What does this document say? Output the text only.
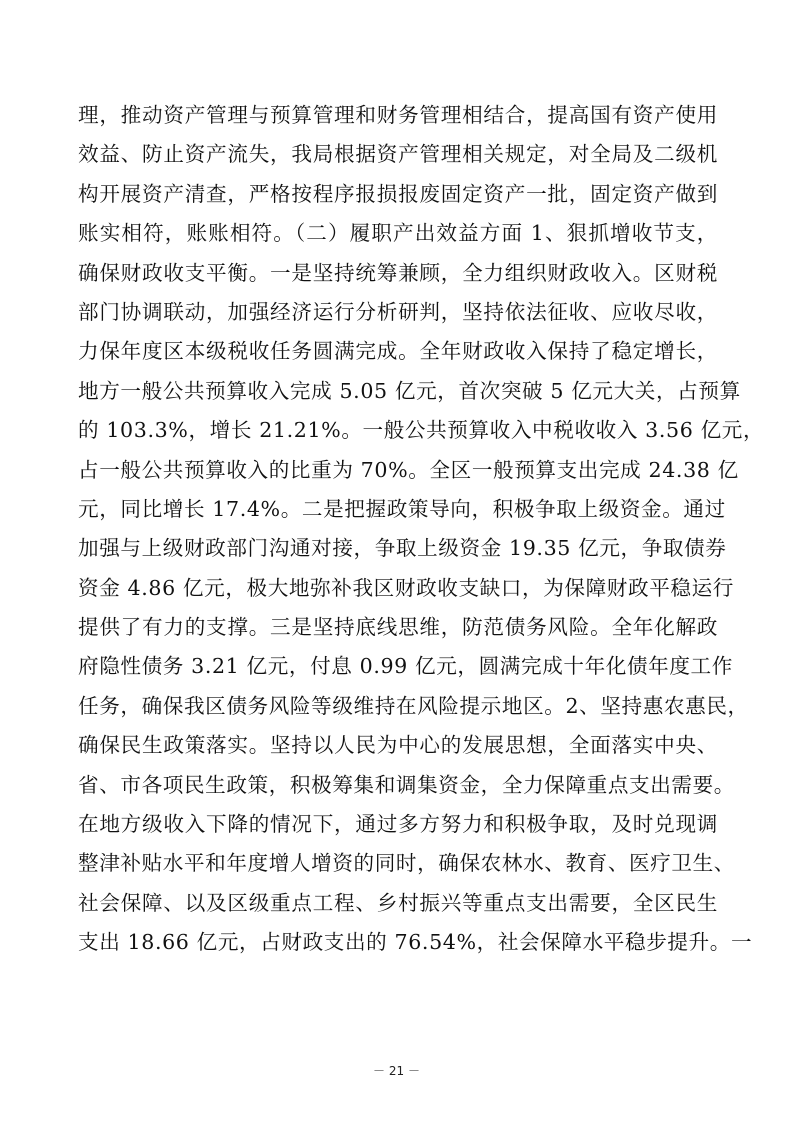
理，推动资产管理与预算管理和财务管理相结合，提高国有资产使用
效益、防止资产流失，我局根据资产管理相关规定，对全局及二级机
构开展资产清查，严格按程序报损报废固定资产一批，固定资产做到
账实相符，账账相符。（二）履职产出效益方面 1、狠抓增收节支，
确保财政收支平衡。一是坚持统筹兼顾，全力组织财政收入。区财税
部门协调联动，加强经济运行分析研判，坚持依法征收、应收尽收，
力保年度区本级税收任务圆满完成。全年财政收入保持了稳定增长，
地方一般公共预算收入完成 5.05 亿元，首次突破 5 亿元大关，占预算
的 103.3%，增长 21.21%。一般公共预算收入中税收收入 3.56 亿元，
占一般公共预算收入的比重为 70%。全区一般预算支出完成 24.38 亿
元，同比增长 17.4%。二是把握政策导向，积极争取上级资金。通过
加强与上级财政部门沟通对接，争取上级资金 19.35 亿元，争取债券
资金 4.86 亿元，极大地弥补我区财政收支缺口，为保障财政平稳运行
提供了有力的支撑。三是坚持底线思维，防范债务风险。全年化解政
府隐性债务 3.21 亿元，付息 0.99 亿元，圆满完成十年化债年度工作
任务，确保我区债务风险等级维持在风险提示地区。2、坚持惠农惠民，
确保民生政策落实。坚持以人民为中心的发展思想，全面落实中央、
省、市各项民生政策，积极筹集和调集资金，全力保障重点支出需要。
在地方级收入下降的情况下，通过多方努力和积极争取，及时兑现调
整津补贴水平和年度增人增资的同时，确保农林水、教育、医疗卫生、
社会保障、以及区级重点工程、乡村振兴等重点支出需要，全区民生
支出 18.66 亿元，占财政支出的 76.54%，社会保障水平稳步提升。一
－ 21 －
